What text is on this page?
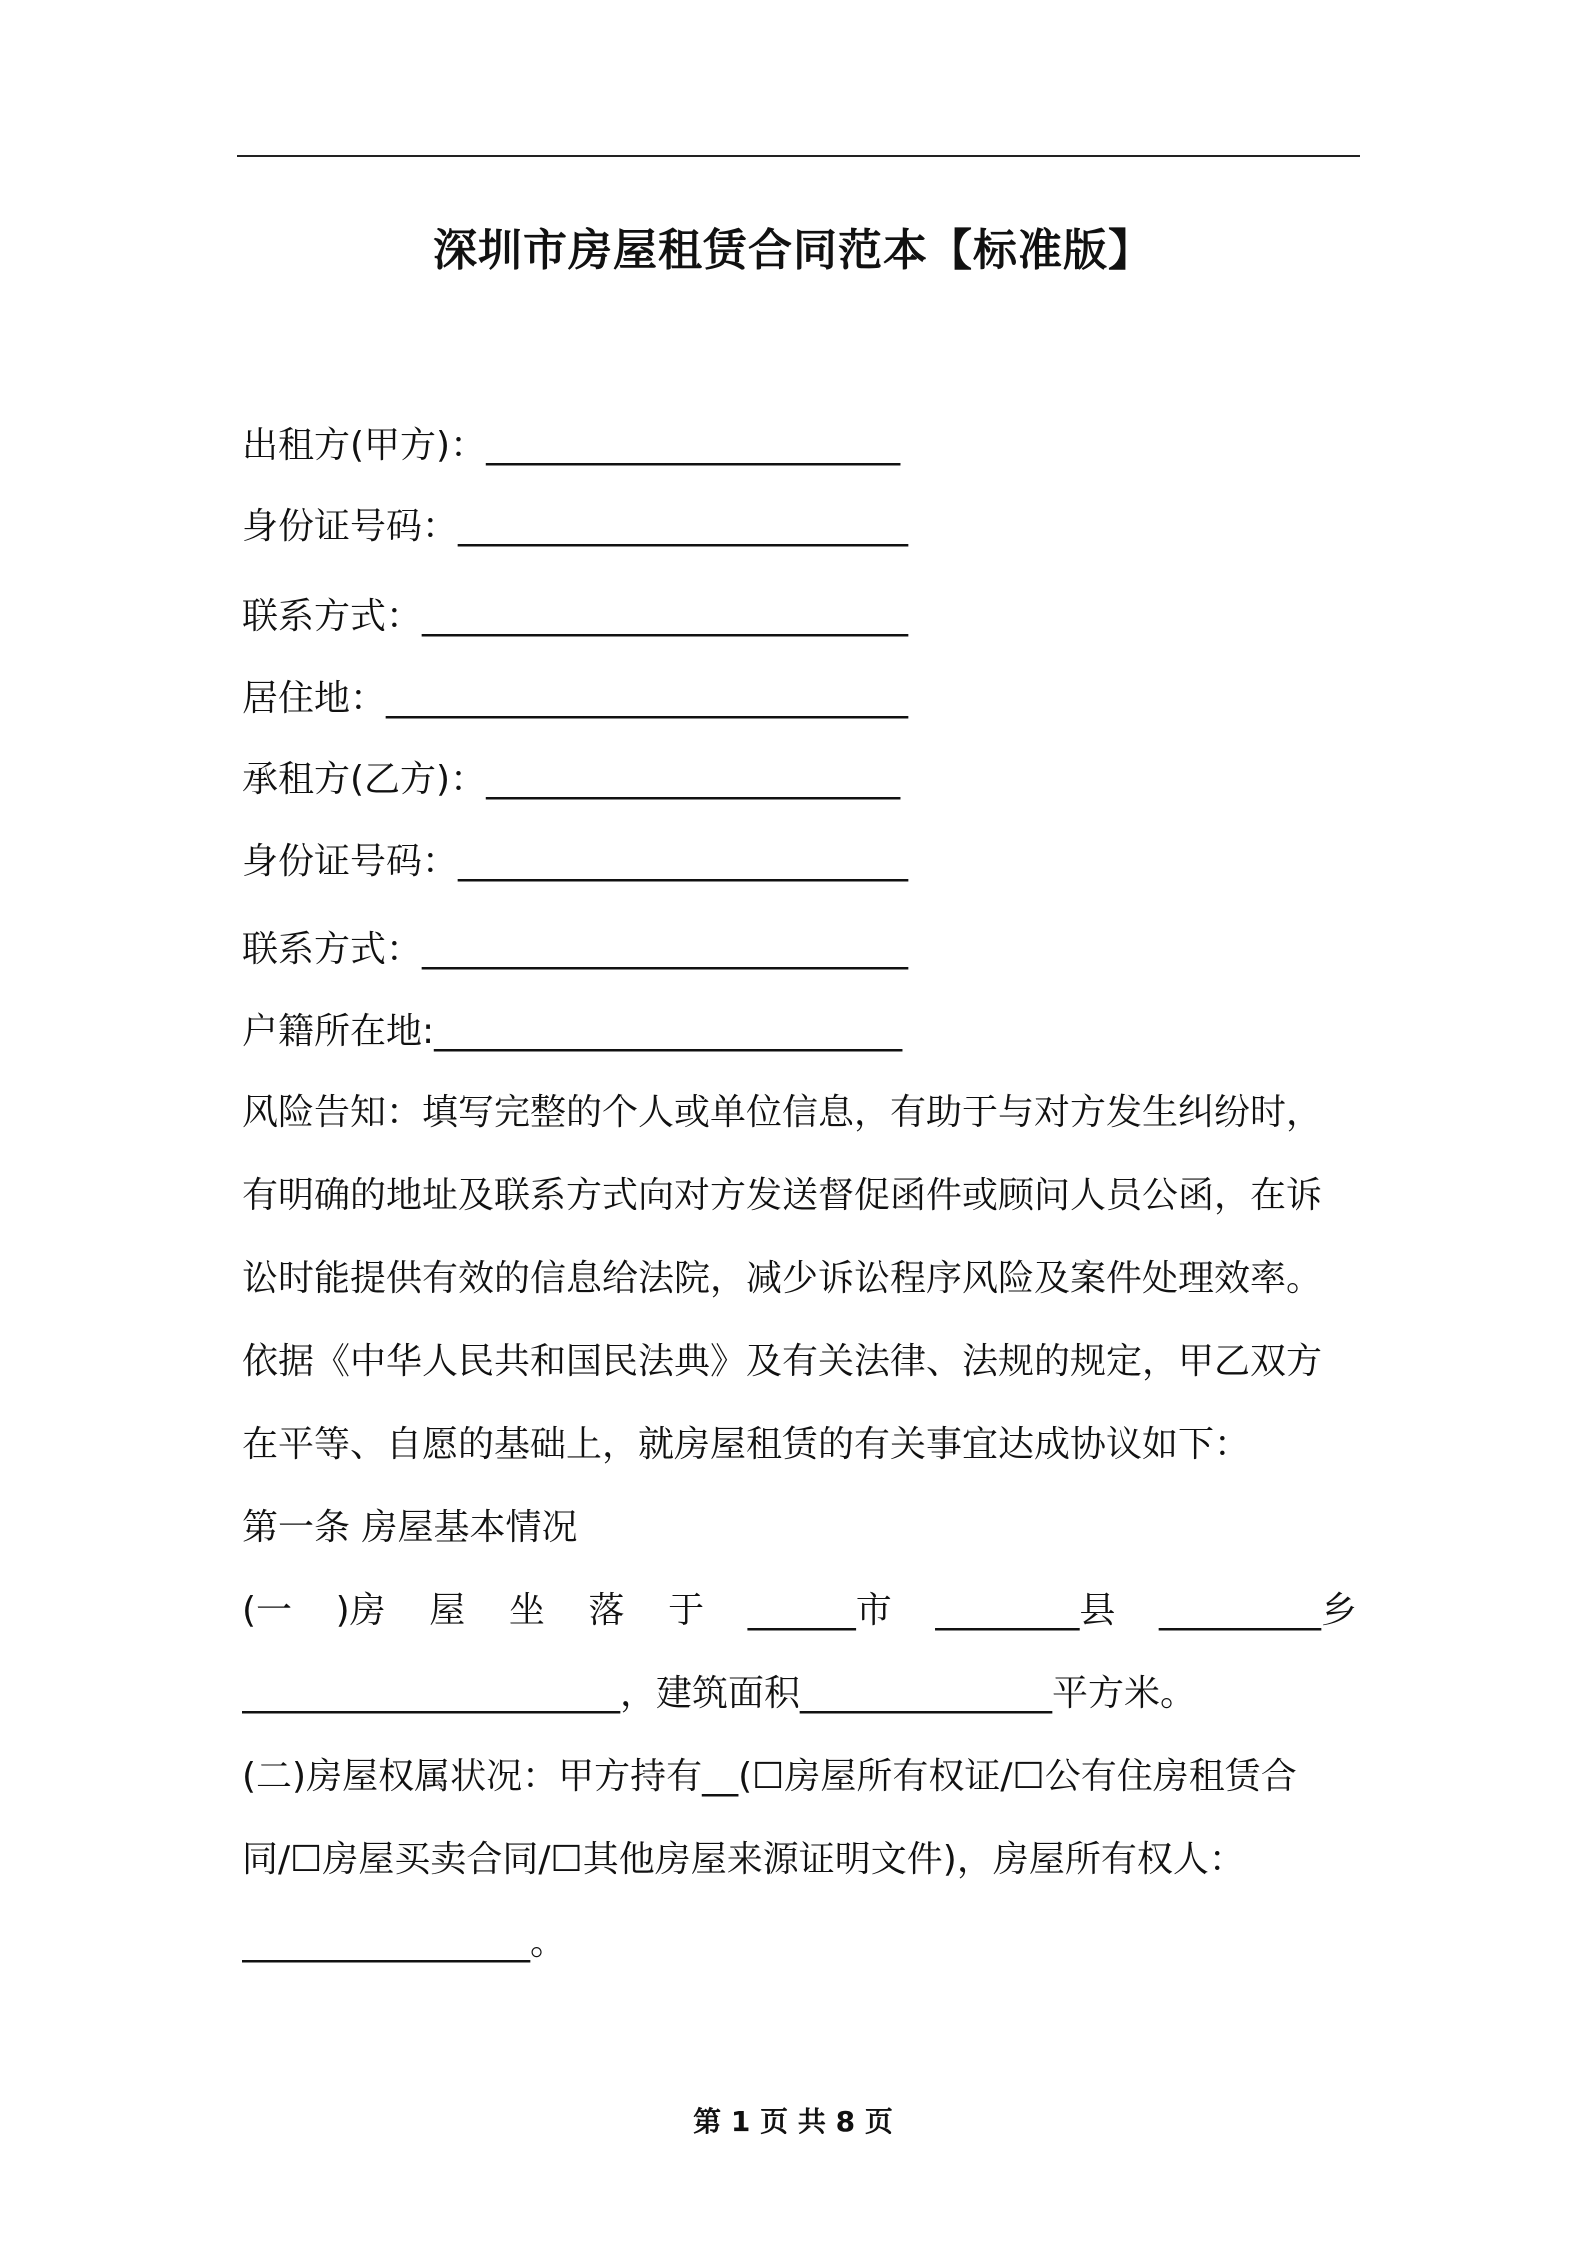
深圳市房屋租赁合同范本【标准版】
出租方(甲方)：_______________________
身份证号码：_________________________
联系方式：___________________________
居住地：_____________________________
承租方(乙方)：_______________________
身份证号码：_________________________
联系方式：___________________________
户籍所在地:__________________________
风险告知：填写完整的个人或单位信息，有助于与对方发生纠纷时，
有明确的地址及联系方式向对方发送督促函件或顾问人员公函，在诉
讼时能提供有效的信息给法院，减少诉讼程序风险及案件处理效率。
依据《中华人民共和国民法典》及有关法律、法规的规定，甲乙双方
在平等、自愿的基础上，就房屋租赁的有关事宜达成协议如下：
第一条 房屋基本情况
(一 )房 屋 坐 落 于 ______市 ________县 _________乡
_____________________，建筑面积______________平方米。
(二)房屋权属状况：甲方持有__(☐房屋所有权证/☐公有住房租赁合
同/☐房屋买卖合同/☐其他房屋来源证明文件)，房屋所有权人：
________________。
第 1 页 共 8 页
